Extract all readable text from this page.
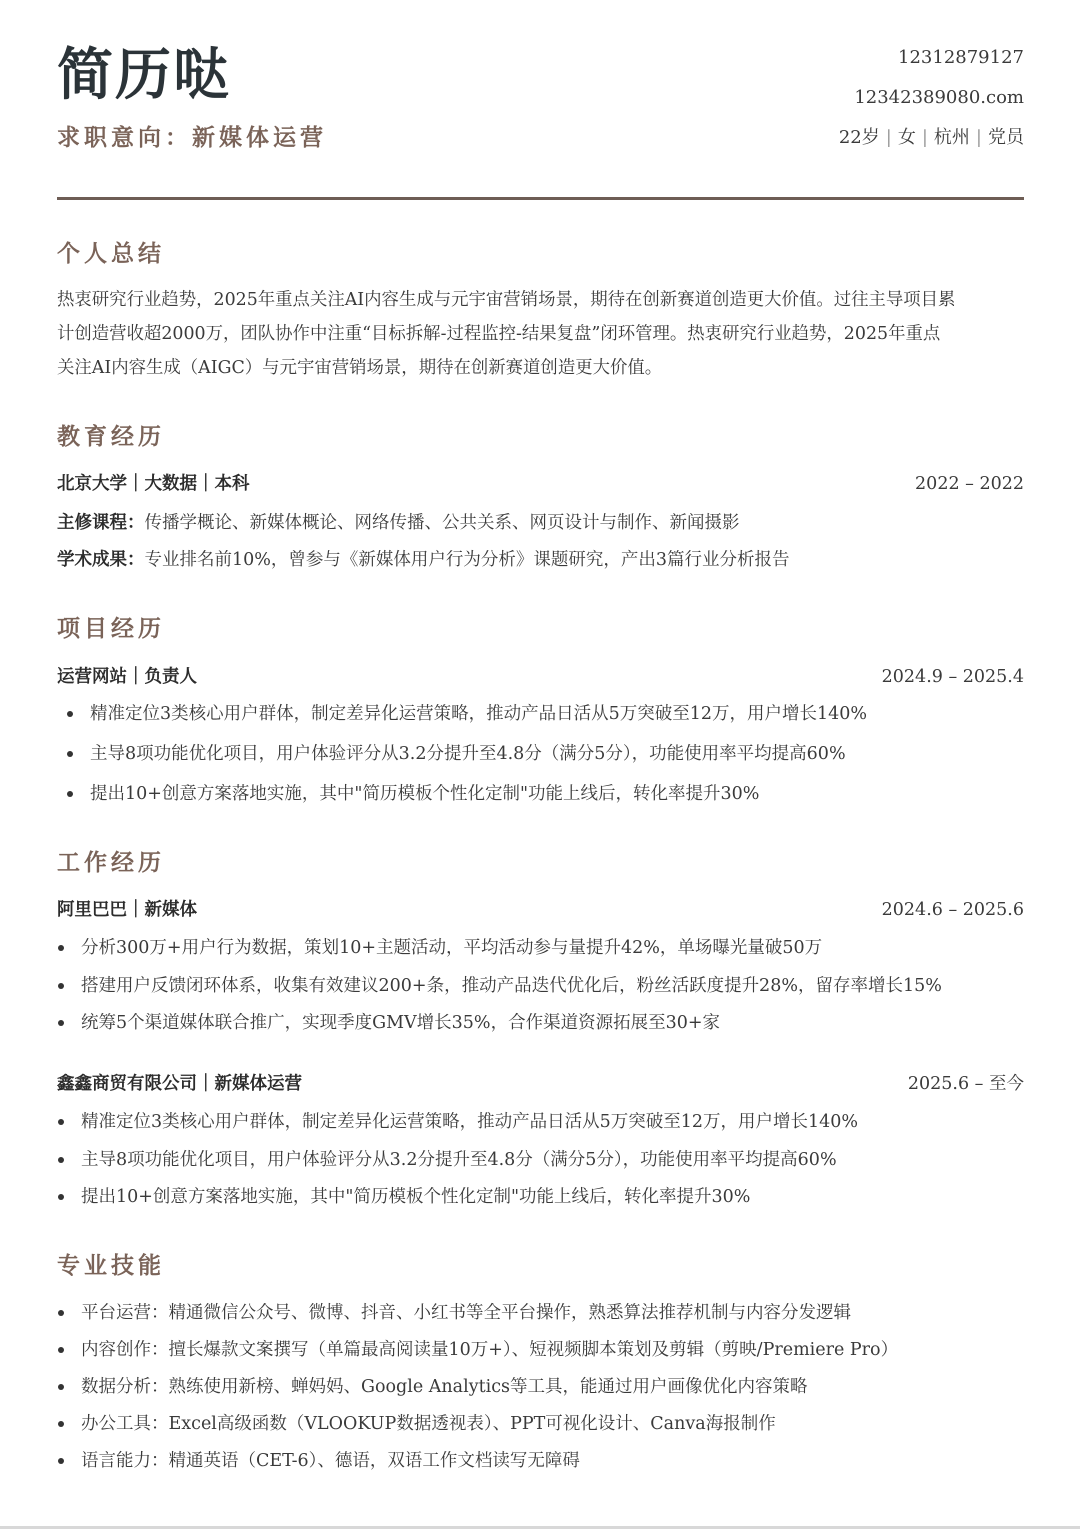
简历哒
求职意向：新媒体运营
12312879127
12342389080.com
22岁 | 女 | 杭州 | 党员
个人总结
热衷研究行业趋势，2025年重点关注AI内容生成与元宇宙营销场景，期待在创新赛道创造更大价值。过往主导项目累
计创造营收超2000万，团队协作中注重“目标拆解-过程监控-结果复盘”闭环管理。热衷研究行业趋势，2025年重点
关注AI内容生成（AIGC）与元宇宙营销场景，期待在创新赛道创造更大价值。
教育经历
北京大学｜大数据｜本科	2022 – 2022
主修课程：传播学概论、新媒体概论、网络传播、公共关系、网页设计与制作、新闻摄影
学术成果：专业排名前10%，曾参与《新媒体用户行为分析》课题研究，产出3篇行业分析报告
项目经历
运营网站｜负责人	2024.9 – 2025.4
精准定位3类核心用户群体，制定差异化运营策略，推动产品日活从5万突破至12万，用户增长140%
主导8项功能优化项目，用户体验评分从3.2分提升至4.8分（满分5分），功能使用率平均提高60%
提出10+创意方案落地实施，其中"简历模板个性化定制"功能上线后，转化率提升30%
工作经历
阿里巴巴｜新媒体	2024.6 – 2025.6
分析300万+用户行为数据，策划10+主题活动，平均活动参与量提升42%，单场曝光量破50万
搭建用户反馈闭环体系，收集有效建议200+条，推动产品迭代优化后，粉丝活跃度提升28%，留存率增长15%
统筹5个渠道媒体联合推广，实现季度GMV增长35%，合作渠道资源拓展至30+家
鑫鑫商贸有限公司｜新媒体运营	2025.6 – 至今
精准定位3类核心用户群体，制定差异化运营策略，推动产品日活从5万突破至12万，用户增长140%
主导8项功能优化项目，用户体验评分从3.2分提升至4.8分（满分5分），功能使用率平均提高60%
提出10+创意方案落地实施，其中"简历模板个性化定制"功能上线后，转化率提升30%
专业技能
平台运营：精通微信公众号、微博、抖音、小红书等全平台操作，熟悉算法推荐机制与内容分发逻辑
内容创作：擅长爆款文案撰写（单篇最高阅读量10万+）、短视频脚本策划及剪辑（剪映/Premiere Pro）
数据分析：熟练使用新榜、蝉妈妈、Google Analytics等工具，能通过用户画像优化内容策略
办公工具：Excel高级函数（VLOOKUP数据透视表）、PPT可视化设计、Canva海报制作
语言能力：精通英语（CET-6）、德语，双语工作文档读写无障碍
